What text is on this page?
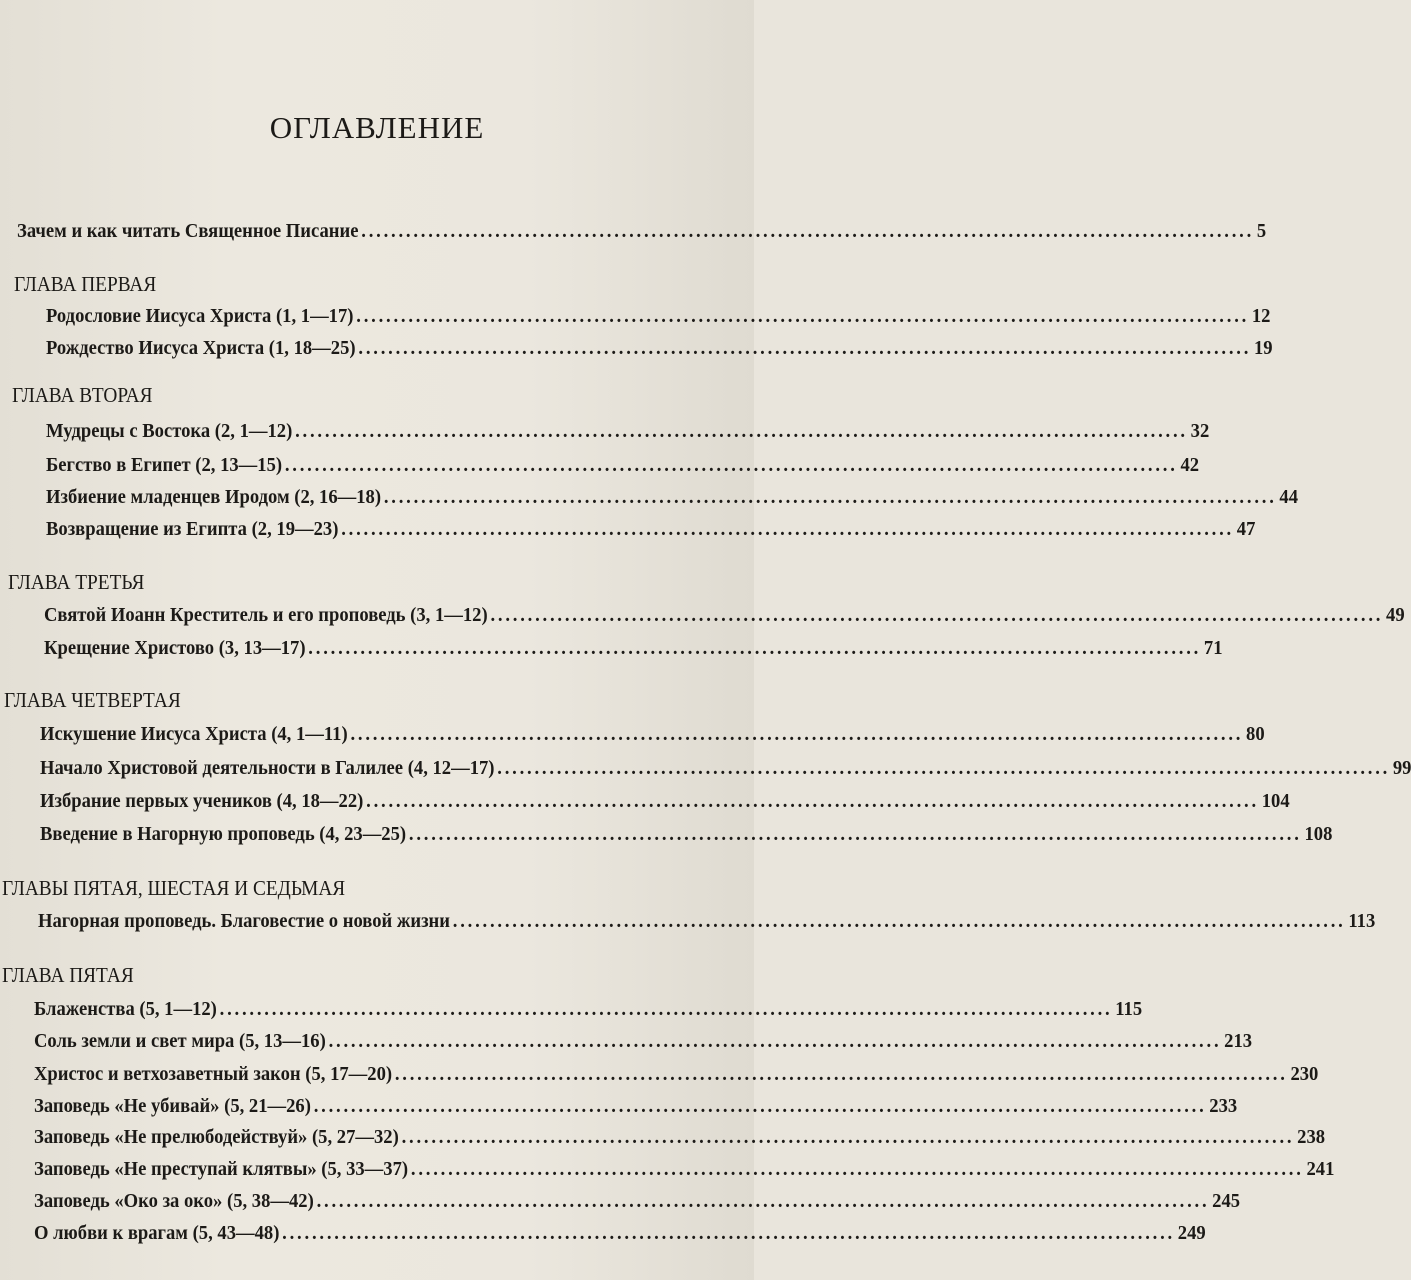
ОГЛАВЛЕНИЕ
Зачем и как читать Священное Писание ........................................................................................................................ 5
ГЛАВА ПЕРВАЯ
Родословие Иисуса Христа (1, 1—17) ........................................................................................................................ 12
Рождество Иисуса Христа (1, 18—25) ........................................................................................................................ 19
ГЛАВА ВТОРАЯ
Мудрецы с Востока (2, 1—12) ........................................................................................................................ 32
Бегство в Египет (2, 13—15) ........................................................................................................................ 42
Избиение младенцев Иродом (2, 16—18) ........................................................................................................................ 44
Возвращение из Египта (2, 19—23) ........................................................................................................................ 47
ГЛАВА ТРЕТЬЯ
Святой Иоанн Креститель и его проповедь (3, 1—12) ........................................................................................................................ 49
Крещение Христово (3, 13—17) ........................................................................................................................ 71
ГЛАВА ЧЕТВЕРТАЯ
Искушение Иисуса Христа (4, 1—11) ........................................................................................................................ 80
Начало Христовой деятельности в Галилее (4, 12—17) ........................................................................................................................ 99
Избрание первых учеников (4, 18—22) ........................................................................................................................ 104
Введение в Нагорную проповедь (4, 23—25) ........................................................................................................................ 108
ГЛАВЫ ПЯТАЯ, ШЕСТАЯ И СЕДЬМАЯ
Нагорная проповедь. Благовестие о новой жизни ........................................................................................................................ 113
ГЛАВА ПЯТАЯ
Блаженства (5, 1—12) ........................................................................................................................ 115
Соль земли и свет мира (5, 13—16) ........................................................................................................................ 213
Христос и ветхозаветный закон (5, 17—20) ........................................................................................................................ 230
Заповедь «Не убивай» (5, 21—26) ........................................................................................................................ 233
Заповедь «Не прелюбодействуй» (5, 27—32) ........................................................................................................................ 238
Заповедь «Не преступай клятвы» (5, 33—37) ........................................................................................................................ 241
Заповедь «Око за око» (5, 38—42) ........................................................................................................................ 245
О любви к врагам (5, 43—48) ........................................................................................................................ 249
